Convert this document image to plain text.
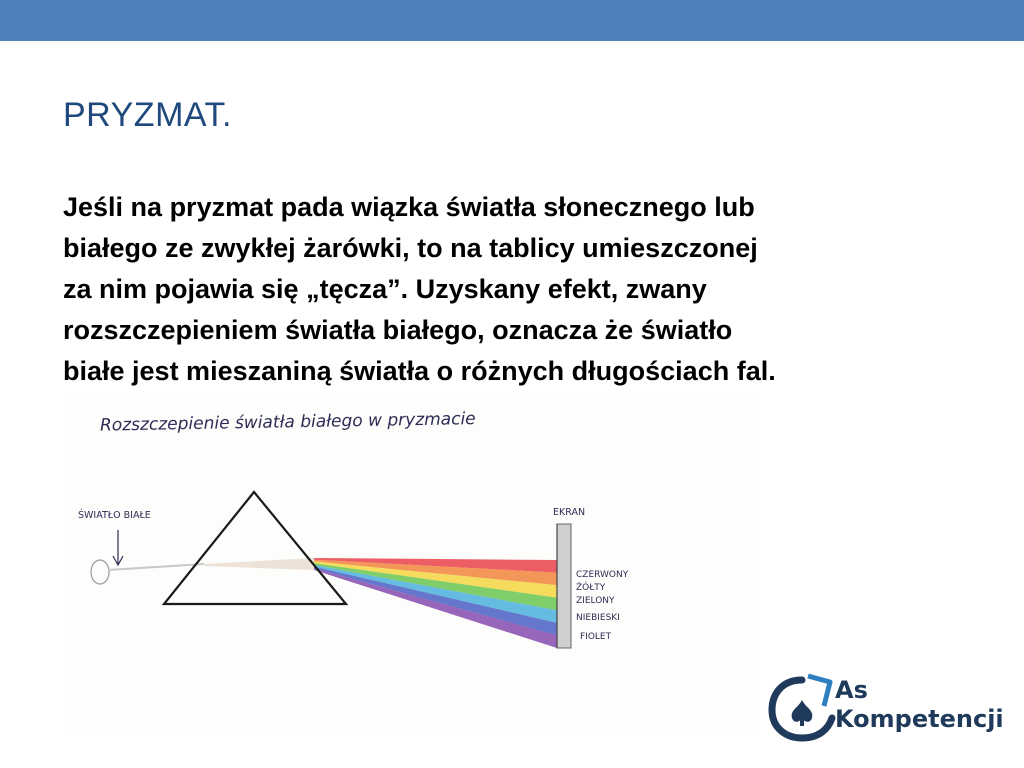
PRYZMAT.

Jeśli na pryzmat pada wiązka światła słonecznego lub
białego ze zwykłej żarówki, to na tablicy umieszczonej
za nim pojawia się „tęcza”. Uzyskany efekt, zwany
rozszczepieniem światła białego, oznacza że światło
białe jest mieszaniną światła o różnych długościach fal.

Rozszczepienie światła białego w pryzmacie
ŚWIATŁO BIAŁE	EKRAN
CZERWONY
ŻÓŁTY
ZIELONY
NIEBIESKI
FIOLET
As
Kompetencji
